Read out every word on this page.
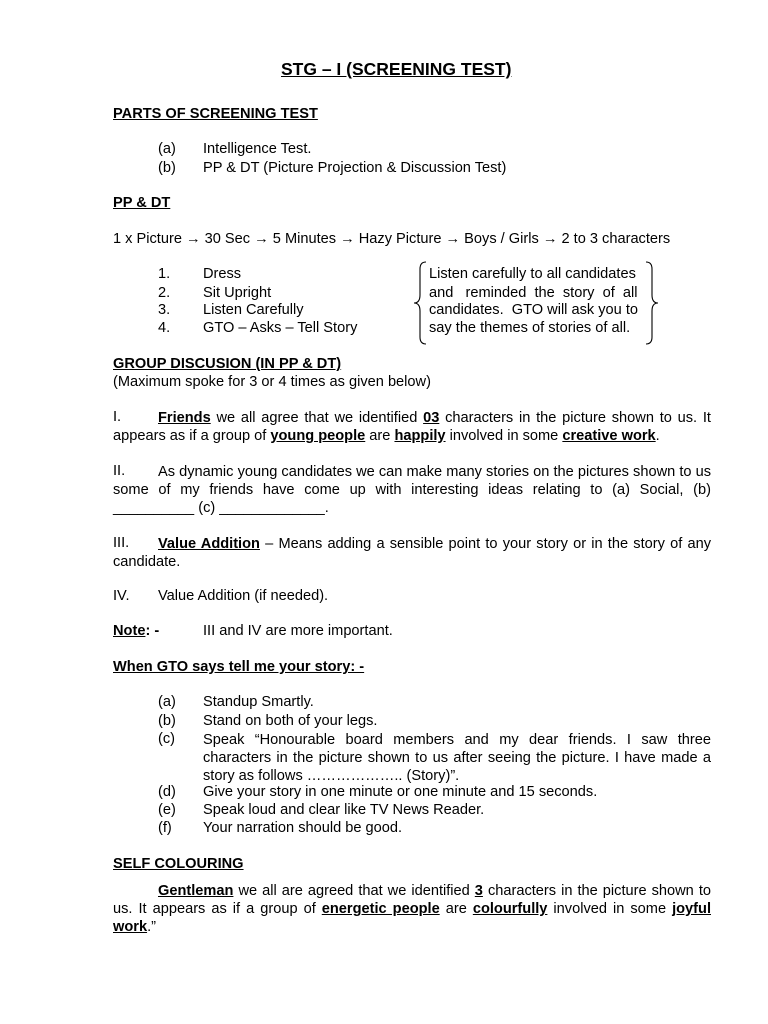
STG – I (SCREENING TEST)
PARTS OF SCREENING TEST
(a) Intelligence Test.
(b) PP & DT (Picture Projection & Discussion Test)
PP & DT
1 x Picture → 30 Sec → 5 Minutes → Hazy Picture → Boys / Girls → 2 to 3 characters
1. Dress
2. Sit Upright
3. Listen Carefully
4. GTO – Asks – Tell Story
Listen carefully to all candidates
and   reminded  the  story  of  all
candidates.  GTO will ask you to
say the themes of stories of all.
GROUP DISCUSION (IN PP & DT)
(Maximum spoke for 3 or 4 times as given below)
I.	Friends we all agree that we identified 03 characters in the picture shown to us. It appears as if a group of young people are happily involved in some creative work.
II.	As dynamic young candidates we can make many stories on the pictures shown to us some of my friends have come up with interesting ideas relating to (a) Social, (b) __________ (c) _____________.
III.	Value Addition – Means adding a sensible point to your story or in the story of any candidate.
IV. Value Addition (if needed).
Note: -	III and IV are more important.
When GTO says tell me your story: -
(a) Standup Smartly.
(b) Stand on both of your legs.
(c) Speak “Honourable board members and my dear friends. I saw three characters in the picture shown to us after seeing the picture. I have made a story as follows ……………….. (Story)”.
(d) Give your story in one minute or one minute and 15 seconds.
(e) Speak loud and clear like TV News Reader.
(f) Your narration should be good.
SELF COLOURING
Gentleman we all are agreed that we identified 3 characters in the picture shown to us. It appears as if a group of energetic people are colourfully involved in some joyful work.”
